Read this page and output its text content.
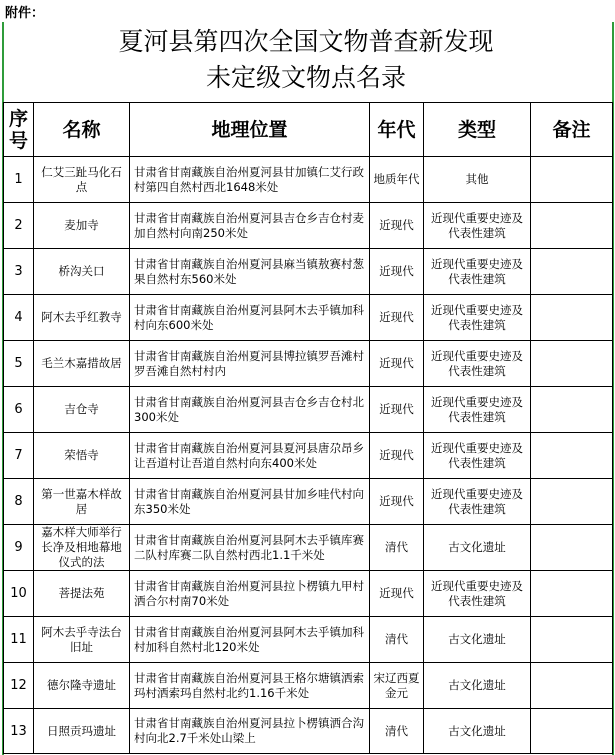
附件：
夏河县第四次全国文物普查新发现
未定级文物点名录
序号	名称	地理位置	年代	类型	备注
1	仁艾三趾马化石点	甘肃省甘南藏族自治州夏河县甘加镇仁艾行政村第四自然村西北1648米处	地质年代	其他	
2	麦加寺	甘肃省甘南藏族自治州夏河县吉仓乡吉仓村麦加自然村向南250米处	近现代	近现代重要史迹及代表性建筑	
3	桥沟关口	甘肃省甘南藏族自治州夏河县麻当镇敖赛村葱果自然村东560米处	近现代	近现代重要史迹及代表性建筑	
4	阿木去乎红教寺	甘肃省甘南藏族自治州夏河县阿木去乎镇加科村向东600米处	近现代	近现代重要史迹及代表性建筑	
5	毛兰木嘉措故居	甘肃省甘南藏族自治州夏河县博拉镇罗吾滩村罗吾滩自然村村内	近现代	近现代重要史迹及代表性建筑	
6	吉仓寺	甘肃省甘南藏族自治州夏河县吉仓乡吉仓村北300米处	近现代	近现代重要史迹及代表性建筑	
7	荣悟寺	甘肃省甘南藏族自治州夏河县夏河县唐尕昂乡让吾道村让吾道自然村向东400米处	近现代	近现代重要史迹及代表性建筑	
8	第一世嘉木样故居	甘肃省甘南藏族自治州夏河县甘加乡哇代村向东350米处	近现代	近现代重要史迹及代表性建筑	
9	嘉木样大师举行长净及相地幕地仪式的法	甘肃省甘南藏族自治州夏河县阿木去乎镇库赛二队村库赛二队自然村西北1.1千米处	清代	古文化遗址	
10	菩提法苑	甘肃省甘南藏族自治州夏河县拉卜楞镇九甲村洒合尔村南70米处	近现代	近现代重要史迹及代表性建筑	
11	阿木去乎寺法台旧址	甘肃省甘南藏族自治州夏河县阿木去乎镇加科村加科自然村北120米处	清代	古文化遗址	
12	德尔隆寺遗址	甘肃省甘南藏族自治州夏河县王格尔塘镇洒索玛村洒索玛自然村北约1.16千米处	宋辽西夏金元	古文化遗址	
13	日照贡玛遗址	甘肃省甘南藏族自治州夏河县拉卜楞镇洒合沟村向北2.7千米处山梁上	清代	古文化遗址	
